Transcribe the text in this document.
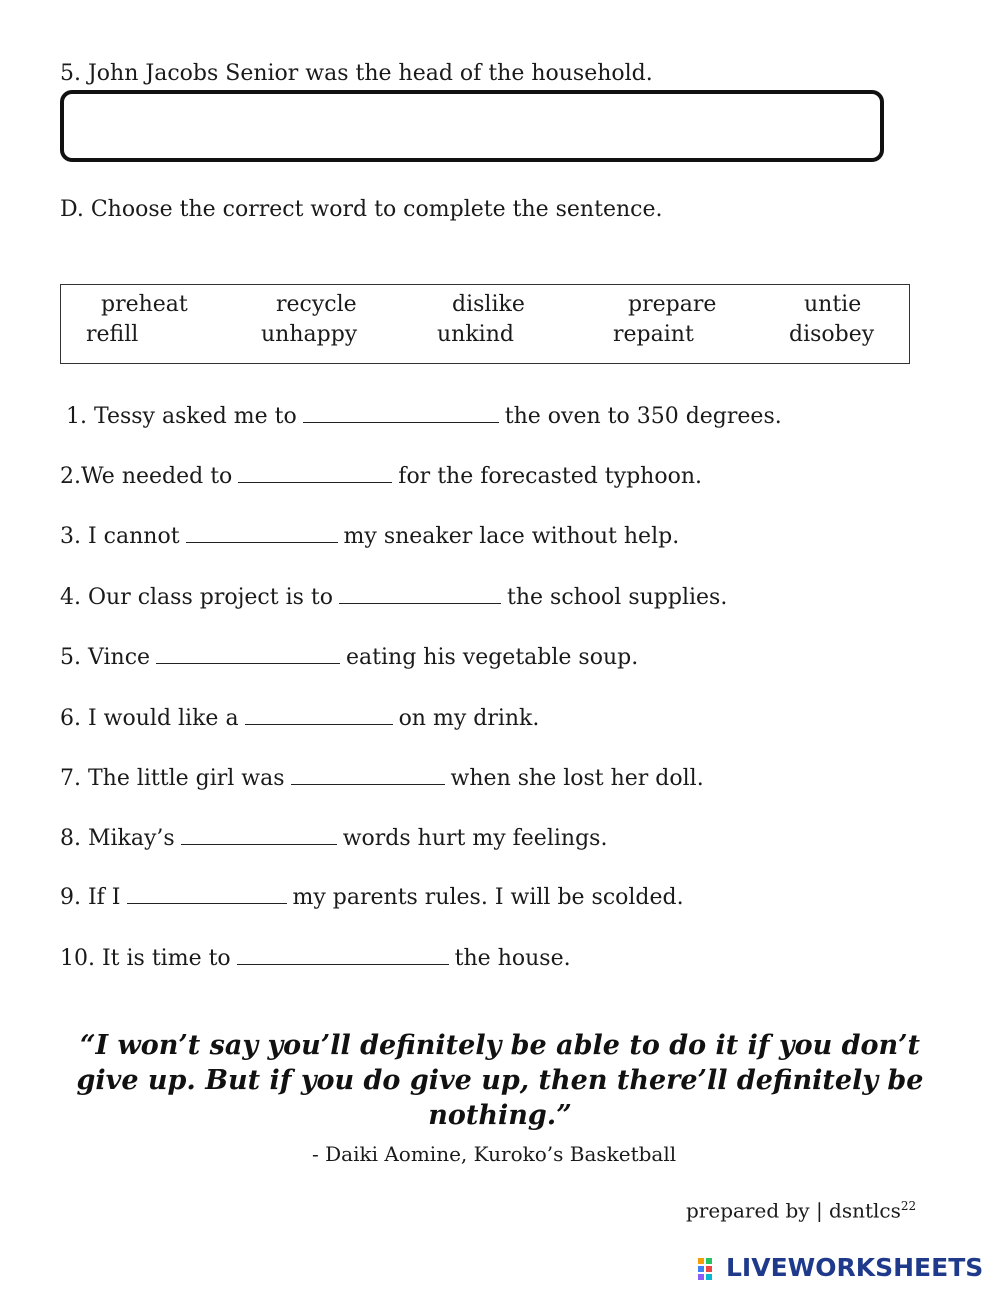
5. John Jacobs Senior was the head of the household.
D. Choose the correct word to complete the sentence.
preheat	recycle	dislike	prepare	untie
refill	unhappy	unkind	repaint	disobey
1. Tessy asked me to	the oven to 350 degrees.
2.We needed to	for the forecasted typhoon.
3. I cannot	my sneaker lace without help.
4. Our class project is to	the school supplies.
5. Vince	eating his vegetable soup.
6. I would like a	on my drink.
7. The little girl was	when she lost her doll.
8. Mikay’s	words hurt my feelings.
9. If I	my parents rules. I will be scolded.
10. It is time to	the house.
“I won’t say you’ll definitely be able to do it if you don’t
give up. But if you do give up, then there’ll definitely be
nothing.”
- Daiki Aomine, Kuroko’s Basketball
prepared by | dsntlcs$^{22}$
LIVEWORKSHEETS
